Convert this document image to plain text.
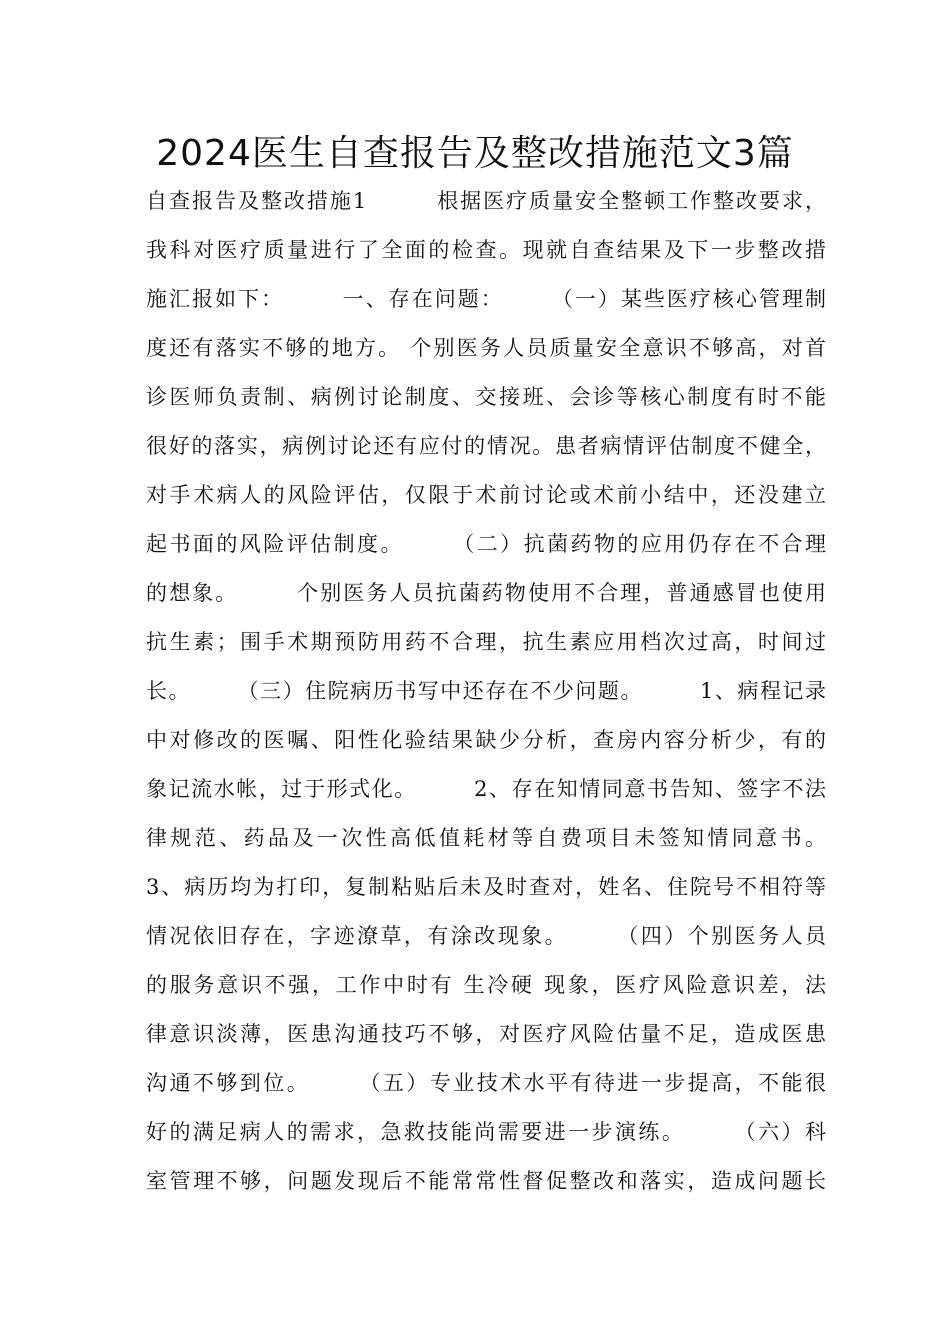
2024医生自查报告及整改措施范文3篇
自查报告及整改措施1　　　根据医疗质量安全整顿工作整改要求，
我科对医疗质量进行了全面的检查。现就自查结果及下一步整改措
施汇报如下：　　　一、存在问题：　　　（一）某些医疗核心管理制
度还有落实不够的地方。 个别医务人员质量安全意识不够高，对首
诊医师负责制、病例讨论制度、交接班、会诊等核心制度有时不能
很好的落实，病例讨论还有应付的情况。患者病情评估制度不健全，
对手术病人的风险评估，仅限于术前讨论或术前小结中，还没建立
起书面的风险评估制度。　　　（二）抗菌药物的应用仍存在不合理
的想象。　　　个别医务人员抗菌药物使用不合理，普通感冒也使用
抗生素；围手术期预防用药不合理，抗生素应用档次过高，时间过
长。　　　（三）住院病历书写中还存在不少问题。　　　1、病程记录
中对修改的医嘱、阳性化验结果缺少分析，查房内容分析少，有的
象记流水帐，过于形式化。　　　2、存在知情同意书告知、签字不法
律规范、药品及一次性高低值耗材等自费项目未签知情同意书。
3、病历均为打印，复制粘贴后未及时查对，姓名、住院号不相符等
情况依旧存在，字迹潦草，有涂改现象。　　　（四）个别医务人员
的服务意识不强，工作中时有 生冷硬 现象，医疗风险意识差，法
律意识淡薄，医患沟通技巧不够，对医疗风险估量不足，造成医患
沟通不够到位。　　　（五）专业技术水平有待进一步提高，不能很
好的满足病人的需求，急救技能尚需要进一步演练。　　　（六）科
室管理不够，问题发现后不能常常性督促整改和落实，造成问题长
